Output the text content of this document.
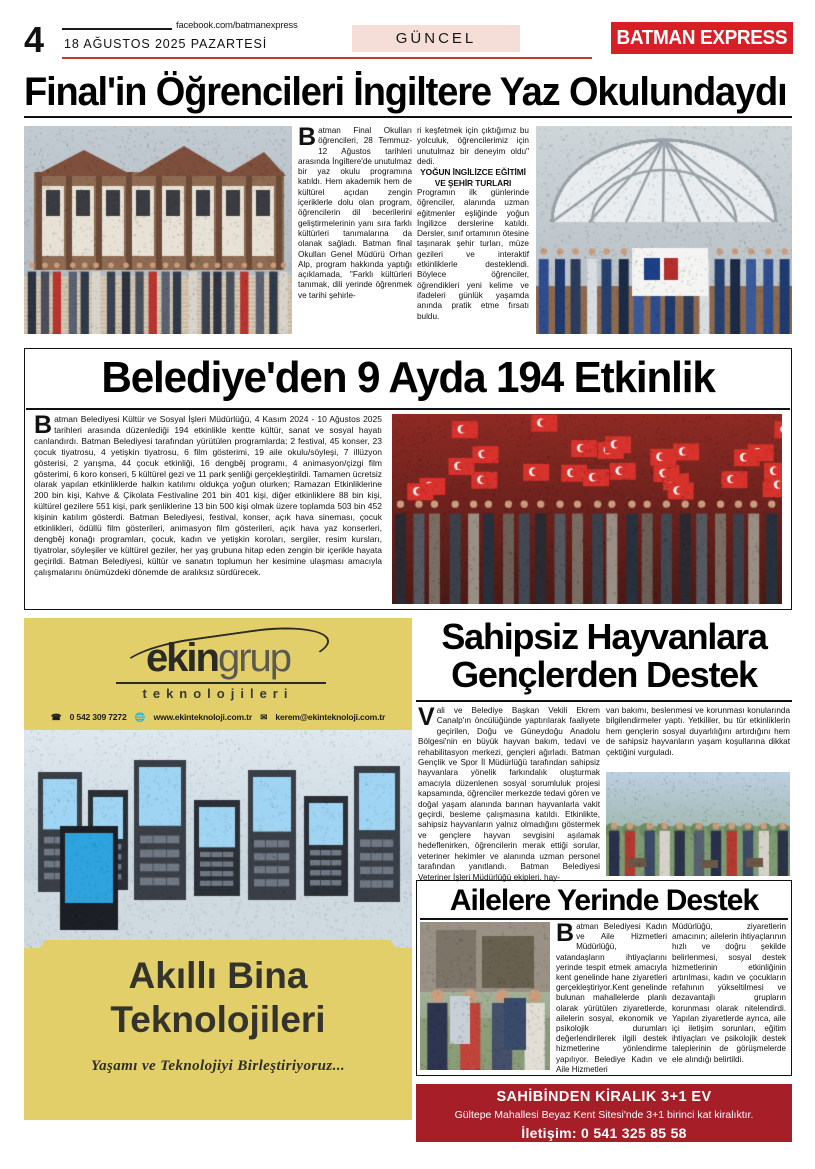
4	facebook.com/batmanexpress
18 AĞUSTOS 2025 PAZARTESİ	GÜNCEL	BATMAN EXPRESS
Final'in Öğrencileri İngiltere Yaz Okulundaydı
Batman Final Okulları öğrencileri, 28 Temmuz-12 Ağustos tarihleri arasında İngiltere'de unutulmaz bir yaz okulu programına katıldı. Hem akademik hem de kültürel açıdan zengin içeriklerle dolu olan program, öğrencilerin dil becerilerini geliştirmelerinin yanı sıra farklı kültürleri tanımalarına da olanak sağladı. Batman final Okulları Genel Müdürü Orhan Alp, program hakkında yaptığı açıklamada, "Farklı kültürleri tanımak, dili yerinde öğrenmek ve tarihi şehirle-

ri keşfetmek için çıktığımız bu yolculuk, öğrencilerimiz için unutulmaz bir deneyim oldu" dedi.

YOĞUN İNGİLİZCE EĞİTİMİ VE ŞEHİR TURLARI

Programın ilk günlerinde öğrenciler, alanında uzman eğitmenler eşliğinde yoğun İngilizce derslerine katıldı. Dersler, sınıf ortamının ötesine taşınarak şehir turları, müze gezileri ve interaktif etkinliklerle desteklendi. Böylece öğrenciler, öğrendikleri yeni kelime ve ifadeleri günlük yaşamda anında pratik etme fırsatı buldu.

Belediye'den 9 Ayda 194 Etkinlik

Batman Belediyesi Kültür ve Sosyal İşleri Müdürlüğü, 4 Kasım 2024 - 10 Ağustos 2025 tarihleri arasında düzenlediği 194 etkinlikle kentte kültür, sanat ve sosyal hayatı canlandırdı. Batman Belediyesi tarafından yürütülen programlarda; 2 festival, 45 konser, 23 çocuk tiyatrosu, 4 yetişkin tiyatrosu, 6 film gösterimi, 19 aile okulu/söyleşi, 7 illüzyon gösterisi, 2 yarışma, 44 çocuk etkinliği, 16 dengbêj programı, 4 animasyon/çizgi film gösterimi, 6 koro konseri, 5 kültürel gezi ve 11 park şenliği gerçekleştirildi. Tamamen ücretsiz olarak yapılan etkinliklerde halkın katılımı oldukça yoğun olurken; Ramazan Etkinliklerine 200 bin kişi, Kahve & Çikolata Festivaline 201 bin 401 kişi, diğer etkinliklere 88 bin kişi, kültürel gezilere 551 kişi, park şenliklerine 13 bin 500 kişi olmak üzere toplamda 503 bin 452 kişinin katılım gösterdi. Batman Belediyesi, festival, konser, açık hava sineması, çocuk etkinlikleri, ödüllü film gösterileri, animasyon film gösterileri, açık hava yaz konserleri, dengbêj konağı programları, çocuk, kadın ve yetişkin koroları, sergiler, resim kursları, tiyatrolar, söyleşiler ve kültürel geziler, her yaş grubuna hitap eden zengin bir içerikle hayata geçirildi. Batman Belediyesi, kültür ve sanatın toplumun her kesimine ulaşması amacıyla çalışmalarını önümüzdeki dönemde de aralıksız sürdürecek.

ekingrup
teknolojileri
☎ 0 542 309 7272 🌐 www.ekinteknoloji.com.tr ✉ kerem@ekinteknoloji.com.tr
Akıllı Bina
Teknolojileri
Yaşamı ve Teknolojiyi Birleştiriyoruz...
Sahipsiz Hayvanlara
Gençlerden Destek
Vali ve Belediye Başkan Vekili Ekrem Canalp'ın öncülüğünde yaptırılarak faaliyete geçirilen, Doğu ve Güneydoğu Anadolu Bölgesi'nin en büyük hayvan bakım, tedavi ve rehabilitasyon merkezi, gençleri ağırladı. Batman Gençlik ve Spor İl Müdürlüğü tarafından sahipsiz hayvanlara yönelik farkındalık oluşturmak amacıyla düzenlenen sosyal sorumluluk projesi kapsamında, öğrenciler merkezde tedavi gören ve doğal yaşam alanında barınan hayvanlarla vakit geçirdi, besleme çalışmasına katıldı. Etkinlikte, sahipsiz hayvanların yalnız olmadığını göstermek ve gençlere hayvan sevgisini aşılamak hedeflenirken, öğrencilerin merak ettiği sorular, veteriner hekimler ve alanında uzman personel tarafından yanıtlandı. Batman Belediyesi Veteriner İşleri Müdürlüğü ekipleri, hay-
van bakımı, beslenmesi ve korunması konularında bilgilendirmeler yaptı. Yetkililer, bu tür etkinliklerin hem gençlerin sosyal duyarlılığını artırdığını hem de sahipsiz hayvanların yaşam koşullarına dikkat çektiğini vurguladı.
Ailelere Yerinde Destek
Batman Belediyesi Kadın ve Aile Hizmetleri Müdürlüğü, vatandaşların ihtiyaçlarını yerinde tespit etmek amacıyla kent genelinde hane ziyaretleri gerçekleştiriyor.Kent genelinde bulunan mahallelerde planlı olarak yürütülen ziyaretlerde, ailelerin sosyal, ekonomik ve psikolojik durumları değerlendirilerek ilgili destek hizmetlerine yönlendirme yapılıyor. Belediye Kadın ve Aile Hizmetleri
Müdürlüğü, ziyaretlerin amacının; ailelerin ihtiyaçlarının hızlı ve doğru şekilde belirlenmesi, sosyal destek hizmetlerinin etkinliğinin artırılması, kadın ve çocukların refahının yükseltilmesi ve dezavantajlı grupların korunması olarak nitelendirdi. Yapılan ziyaretlerde ayrıca, aile içi iletişim sorunları, eğitim ihtiyaçları ve psikolojik destek taleplerinin de görüşmelerde ele alındığı belirtildi.
SAHİBİNDEN KİRALIK 3+1 EV
Gültepe Mahallesi Beyaz Kent Sitesi'nde 3+1 birinci kat kiralıktır.
İletişim: 0 541 325 85 58
